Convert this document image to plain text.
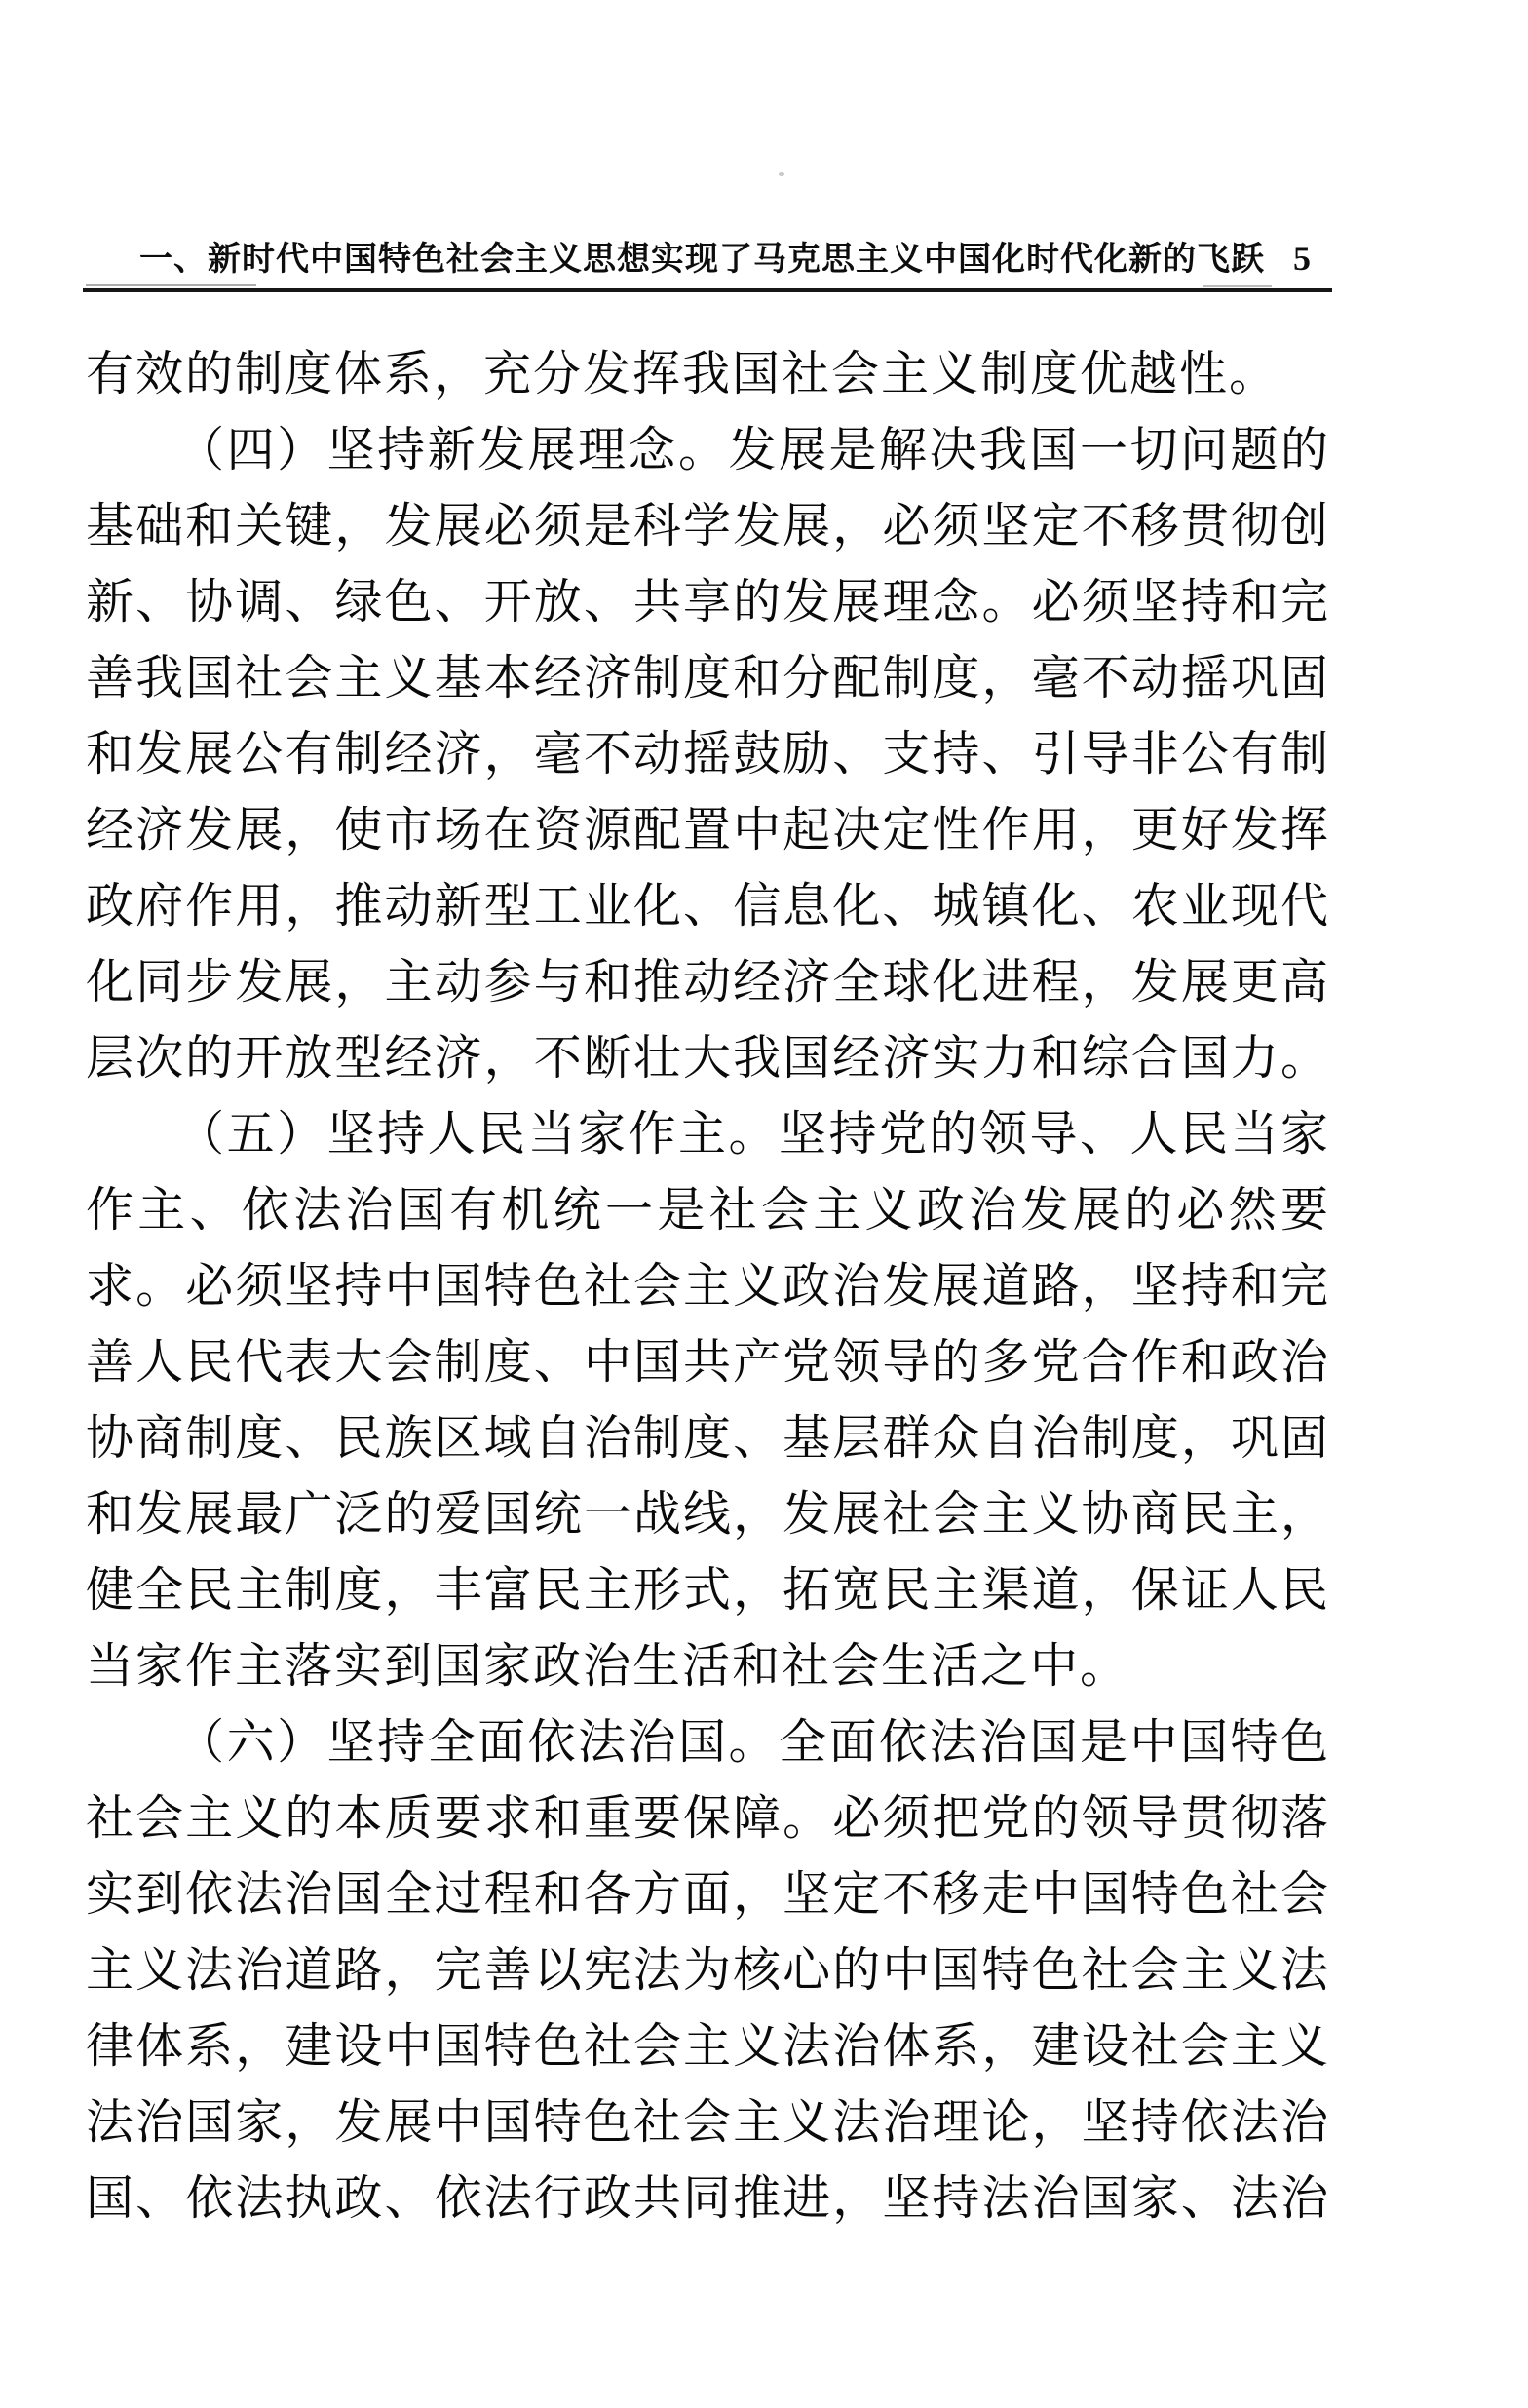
一、新时代中国特色社会主义思想实现了马克思主义中国化时代化新的飞跃 5
有效的制度体系，充分发挥我国社会主义制度优越性。
（四）坚持新发展理念。发展是解决我国一切问题的
基础和关键，发展必须是科学发展，必须坚定不移贯彻创
新、协调、绿色、开放、共享的发展理念。必须坚持和完
善我国社会主义基本经济制度和分配制度，毫不动摇巩固
和发展公有制经济，毫不动摇鼓励、支持、引导非公有制
经济发展，使市场在资源配置中起决定性作用，更好发挥
政府作用，推动新型工业化、信息化、城镇化、农业现代
化同步发展，主动参与和推动经济全球化进程，发展更高
层次的开放型经济，不断壮大我国经济实力和综合国力。
（五）坚持人民当家作主。坚持党的领导、人民当家
作主、依法治国有机统一是社会主义政治发展的必然要
求。必须坚持中国特色社会主义政治发展道路，坚持和完
善人民代表大会制度、中国共产党领导的多党合作和政治
协商制度、民族区域自治制度、基层群众自治制度，巩固
和发展最广泛的爱国统一战线，发展社会主义协商民主，
健全民主制度，丰富民主形式，拓宽民主渠道，保证人民
当家作主落实到国家政治生活和社会生活之中。
（六）坚持全面依法治国。全面依法治国是中国特色
社会主义的本质要求和重要保障。必须把党的领导贯彻落
实到依法治国全过程和各方面，坚定不移走中国特色社会
主义法治道路，完善以宪法为核心的中国特色社会主义法
律体系，建设中国特色社会主义法治体系，建设社会主义
法治国家，发展中国特色社会主义法治理论，坚持依法治
国、依法执政、依法行政共同推进，坚持法治国家、法治
